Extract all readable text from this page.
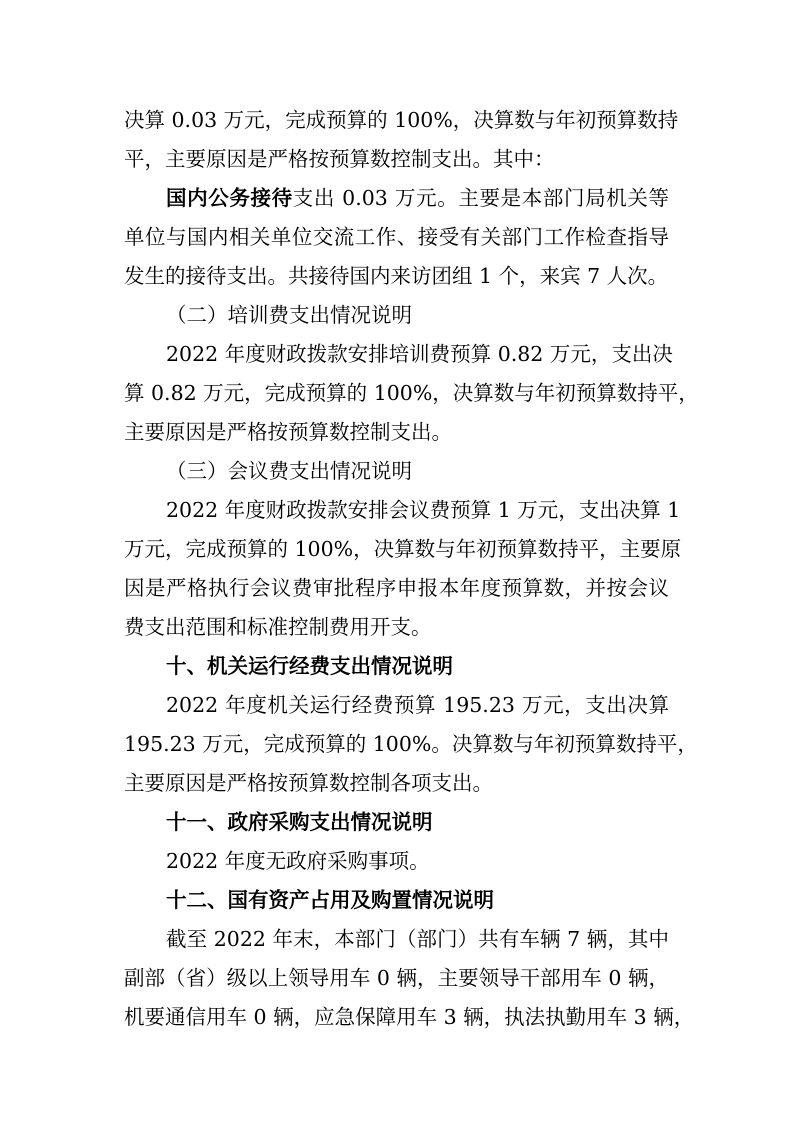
决算 0.03 万元，完成预算的 100%，决算数与年初预算数持
平，主要原因是严格按预算数控制支出。其中：
国内公务接待支出 0.03 万元。主要是本部门局机关等
单位与国内相关单位交流工作、接受有关部门工作检查指导
发生的接待支出。共接待国内来访团组 1 个，来宾 7 人次。
（二）培训费支出情况说明
2022 年度财政拨款安排培训费预算 0.82 万元，支出决
算 0.82 万元，完成预算的 100%，决算数与年初预算数持平，
主要原因是严格按预算数控制支出。
（三）会议费支出情况说明
2022 年度财政拨款安排会议费预算 1 万元，支出决算 1
万元，完成预算的 100%，决算数与年初预算数持平，主要原
因是严格执行会议费审批程序申报本年度预算数，并按会议
费支出范围和标准控制费用开支。
十、机关运行经费支出情况说明
2022 年度机关运行经费预算 195.23 万元，支出决算
195.23 万元，完成预算的 100%。决算数与年初预算数持平，
主要原因是严格按预算数控制各项支出。
十一、政府采购支出情况说明
2022 年度无政府采购事项。
十二、国有资产占用及购置情况说明
截至 2022 年末，本部门（部门）共有车辆 7 辆，其中
副部（省）级以上领导用车 0 辆，主要领导干部用车 0 辆，
机要通信用车 0 辆，应急保障用车 3 辆，执法执勤用车 3 辆，
